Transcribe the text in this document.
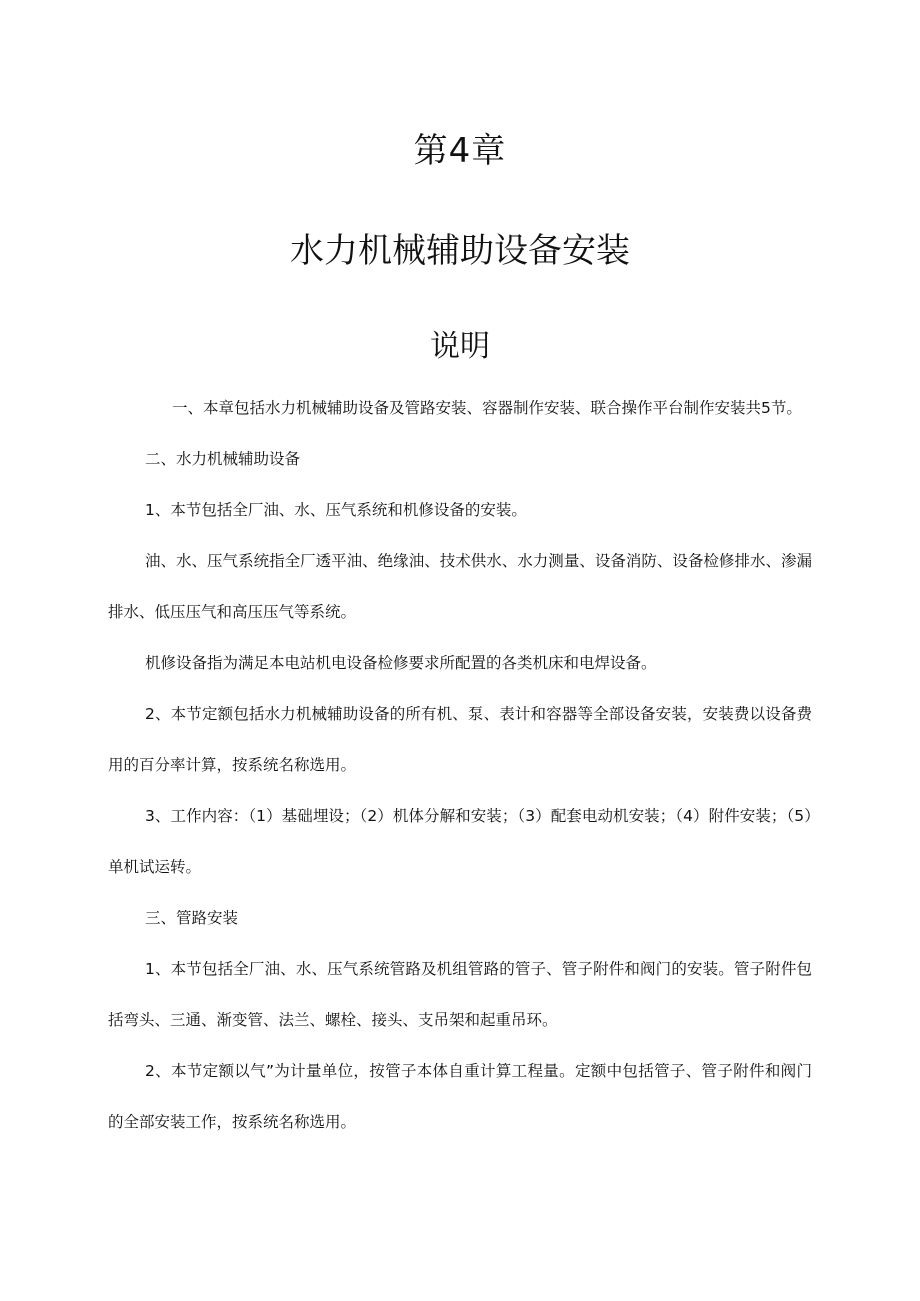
第4章
水力机械辅助设备安装
说明

一、本章包括水力机械辅助设备及管路安装、容器制作安装、联合操作平台制作安装共5节。

二、水力机械辅助设备

1、本节包括全厂油、水、压气系统和机修设备的安装。

油、水、压气系统指全厂透平油、绝缘油、技术供水、水力测量、设备消防、设备检修排水、渗漏排水、低压压气和高压压气等系统。

机修设备指为满足本电站机电设备检修要求所配置的各类机床和电焊设备。

2、本节定额包括水力机械辅助设备的所有机、泵、表计和容器等全部设备安装，安装费以设备费用的百分率计算，按系统名称选用。

3、工作内容：（1）基础埋设；（2）机体分解和安装；（3）配套电动机安装；（4）附件安装；（5）单机试运转。

三、管路安装

1、本节包括全厂油、水、压气系统管路及机组管路的管子、管子附件和阀门的安装。管子附件包括弯头、三通、渐变管、法兰、螺栓、接头、支吊架和起重吊环。

2、本节定额以气”为计量单位，按管子本体自重计算工程量。定额中包括管子、管子附件和阀门的全部安装工作，按系统名称选用。
